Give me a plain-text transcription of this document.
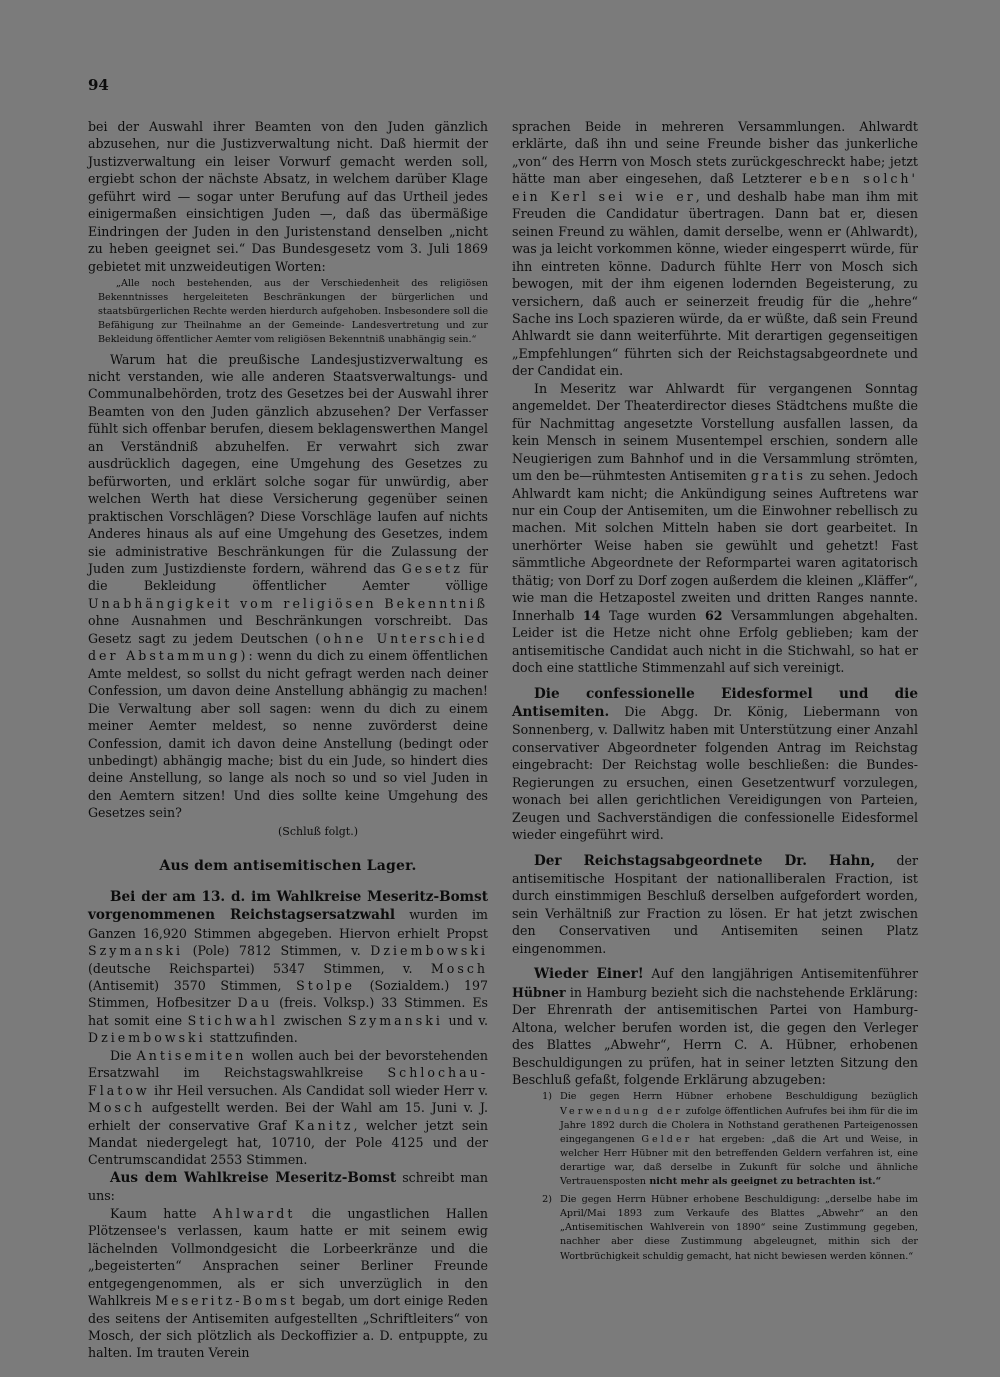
94

bei der Auswahl ihrer Beamten von den Juden gänzlich abzusehen, nur die Justizverwaltung nicht. Daß hiermit der Justizverwaltung ein leiser Vorwurf gemacht werden soll, ergiebt schon der nächste Absatz, in welchem darüber Klage geführt wird — sogar unter Berufung auf das Urtheil jedes einigermaßen einsichtigen Juden —, daß das übermäßige Eindringen der Juden in den Juristenstand denselben „nicht zu heben geeignet sei.“ Das Bundesgesetz vom 3. Juli 1869 gebietet mit unzweideutigen Worten:

„Alle noch bestehenden, aus der Verschiedenheit des religiösen Bekenntnisses hergeleiteten Beschränkungen der bürgerlichen und staatsbürgerlichen Rechte werden hierdurch aufgehoben. Insbesondere soll die Befähigung zur Theilnahme an der Gemeinde- Landesvertretung und zur Bekleidung öffentlicher Aemter vom religiösen Bekenntniß unabhängig sein.“

Warum hat die preußische Landesjustizverwaltung es nicht verstanden, wie alle anderen Staatsverwaltungs- und Communalbehörden, trotz des Gesetzes bei der Auswahl ihrer Beamten von den Juden gänzlich abzusehen? Der Verfasser fühlt sich offenbar berufen, diesem beklagenswerthen Mangel an Verständniß abzuhelfen. Er verwahrt sich zwar ausdrücklich dagegen, eine Umgehung des Gesetzes zu befürworten, und erklärt solche sogar für unwürdig, aber welchen Werth hat diese Versicherung gegenüber seinen praktischen Vorschlägen? Diese Vorschläge laufen auf nichts Anderes hinaus als auf eine Umgehung des Gesetzes, indem sie administrative Beschränkungen für die Zulassung der Juden zum Justizdienste fordern, während das Gesetz für die Bekleidung öffentlicher Aemter völlige Unabhängigkeit vom religiösen Bekenntniß ohne Ausnahmen und Beschränkungen vorschreibt. Das Gesetz sagt zu jedem Deutschen (ohne Unterschied der Abstammung): wenn du dich zu einem öffentlichen Amte meldest, so sollst du nicht gefragt werden nach deiner Confession, um davon deine Anstellung abhängig zu machen! Die Verwaltung aber soll sagen: wenn du dich zu einem meiner Aemter meldest, so nenne zuvörderst deine Confession, damit ich davon deine Anstellung (bedingt oder unbedingt) abhängig mache; bist du ein Jude, so hindert dies deine Anstellung, so lange als noch so und so viel Juden in den Aemtern sitzen! Und dies sollte keine Umgehung des Gesetzes sein?

(Schluß folgt.)
Aus dem antisemitischen Lager.

Bei der am 13. d. im Wahlkreise Meseritz-Bomst vorgenommenen Reichstagsersatzwahl wurden im Ganzen 16,920 Stimmen abgegeben. Hiervon erhielt Propst Szymanski (Pole) 7812 Stimmen, v. Dziembowski (deutsche Reichspartei) 5347 Stimmen, v. Mosch (Antisemit) 3570 Stimmen, Stolpe (Sozialdem.) 197 Stimmen, Hofbesitzer Dau (freis. Volksp.) 33 Stimmen. Es hat somit eine Stichwahl zwischen Szymanski und v. Dziembowski stattzufinden.

Die Antisemiten wollen auch bei der bevorstehenden Ersatzwahl im Reichstagswahlkreise Schlochau-Flatow ihr Heil versuchen. Als Candidat soll wieder Herr v. Mosch aufgestellt werden. Bei der Wahl am 15. Juni v. J. erhielt der conservative Graf Kanitz, welcher jetzt sein Mandat niedergelegt hat, 10710, der Pole 4125 und der Centrumscandidat 2553 Stimmen.

Aus dem Wahlkreise Meseritz-Bomst schreibt man uns:

Kaum hatte Ahlwardt die ungastlichen Hallen Plötzensee's verlassen, kaum hatte er mit seinem ewig lächelnden Vollmondgesicht die Lorbeerkränze und die „begeisterten“ Ansprachen seiner Berliner Freunde entgegengenommen, als er sich unverzüglich in den Wahlkreis Meseritz-Bomst begab, um dort einige Reden des seitens der Antisemiten aufgestellten „Schriftleiters“ von Mosch, der sich plötzlich als Deckoffizier a. D. entpuppte, zu halten. Im trauten Verein

sprachen Beide in mehreren Versammlungen. Ahlwardt erklärte, daß ihn und seine Freunde bisher das junkerliche „von“ des Herrn von Mosch stets zurückgeschreckt habe; jetzt hätte man aber eingesehen, daß Letzterer eben solch' ein Kerl sei wie er, und deshalb habe man ihm mit Freuden die Candidatur übertragen. Dann bat er, diesen seinen Freund zu wählen, damit derselbe, wenn er (Ahlwardt), was ja leicht vorkommen könne, wieder eingesperrt würde, für ihn eintreten könne. Dadurch fühlte Herr von Mosch sich bewogen, mit der ihm eigenen lodernden Begeisterung, zu versichern, daß auch er seinerzeit freudig für die „hehre“ Sache ins Loch spazieren würde, da er wüßte, daß sein Freund Ahlwardt sie dann weiterführte. Mit derartigen gegenseitigen „Empfehlungen“ führten sich der Reichstagsabgeordnete und der Candidat ein.

In Meseritz war Ahlwardt für vergangenen Sonntag angemeldet. Der Theaterdirector dieses Städtchens mußte die für Nachmittag angesetzte Vorstellung ausfallen lassen, da kein Mensch in seinem Musentempel erschien, sondern alle Neugierigen zum Bahnhof und in die Versammlung strömten, um den be—rühmtesten Antisemiten gratis zu sehen. Jedoch Ahlwardt kam nicht; die Ankündigung seines Auftretens war nur ein Coup der Antisemiten, um die Einwohner rebellisch zu machen. Mit solchen Mitteln haben sie dort gearbeitet. In unerhörter Weise haben sie gewühlt und gehetzt! Fast sämmtliche Abgeordnete der Reformpartei waren agitatorisch thätig; von Dorf zu Dorf zogen außerdem die kleinen „Kläffer“, wie man die Hetzapostel zweiten und dritten Ranges nannte. Innerhalb 14 Tage wurden 62 Versammlungen abgehalten. Leider ist die Hetze nicht ohne Erfolg geblieben; kam der antisemitische Candidat auch nicht in die Stichwahl, so hat er doch eine stattliche Stimmenzahl auf sich vereinigt.

Die confessionelle Eidesformel und die Antisemiten. Die Abgg. Dr. König, Liebermann von Sonnenberg, v. Dallwitz haben mit Unterstützung einer Anzahl conservativer Abgeordneter folgenden Antrag im Reichstag eingebracht: Der Reichstag wolle beschließen: die Bundes-Regierungen zu ersuchen, einen Gesetzentwurf vorzulegen, wonach bei allen gerichtlichen Vereidigungen von Parteien, Zeugen und Sachverständigen die confessionelle Eidesformel wieder eingeführt wird.

Der Reichstagsabgeordnete Dr. Hahn, der antisemitische Hospitant der nationalliberalen Fraction, ist durch einstimmigen Beschluß derselben aufgefordert worden, sein Verhältniß zur Fraction zu lösen. Er hat jetzt zwischen den Conservativen und Antisemiten seinen Platz eingenommen.

Wieder Einer! Auf den langjährigen Antisemitenführer Hübner in Hamburg bezieht sich die nachstehende Erklärung: Der Ehrenrath der antisemitischen Partei von Hamburg-Altona, welcher berufen worden ist, die gegen den Verleger des Blattes „Abwehr“, Herrn C. A. Hübner, erhobenen Beschuldigungen zu prüfen, hat in seiner letzten Sitzung den Beschluß gefaßt, folgende Erklärung abzugeben:

1) Die gegen Herrn Hübner erhobene Beschuldigung bezüglich Verwendung der zufolge öffentlichen Aufrufes bei ihm für die im Jahre 1892 durch die Cholera in Nothstand gerathenen Parteigenossen eingegangenen Gelder hat ergeben: „daß die Art und Weise, in welcher Herr Hübner mit den betreffenden Geldern verfahren ist, eine derartige war, daß derselbe in Zukunft für solche und ähnliche Vertrauensposten nicht mehr als geeignet zu betrachten ist.“
2) Die gegen Herrn Hübner erhobene Beschuldigung: „derselbe habe im April/Mai 1893 zum Verkaufe des Blattes „Abwehr“ an den „Antisemitischen Wahlverein von 1890“ seine Zustimmung gegeben, nachher aber diese Zustimmung abgeleugnet, mithin sich der Wortbrüchigkeit schuldig gemacht, hat nicht bewiesen werden können.“
